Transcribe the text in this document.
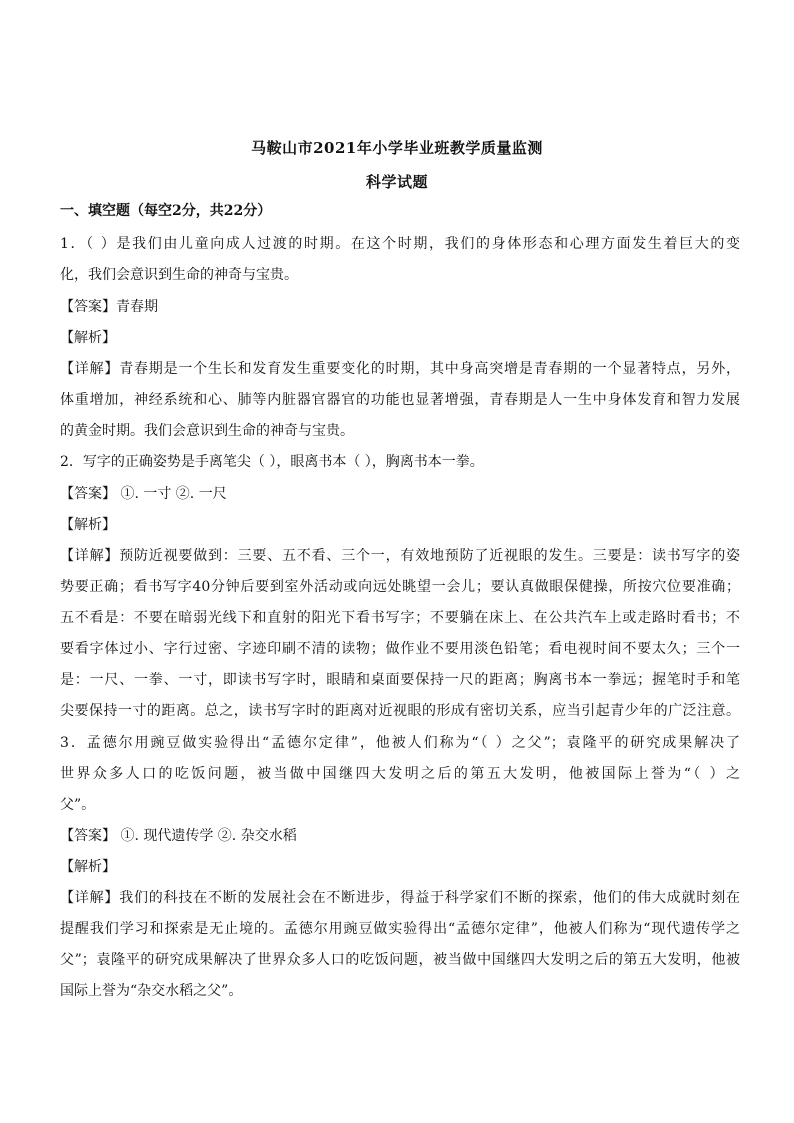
马鞍山市2021年小学毕业班教学质量监测
科学试题
一、填空题（每空2分，共22分）
1．（ ）是我们由儿童向成人过渡的时期。在这个时期，我们的身体形态和心理方面发生着巨大的变
化，我们会意识到生命的神奇与宝贵。
【答案】青春期
【解析】
【详解】青春期是一个生长和发育发生重要变化的时期，其中身高突增是青春期的一个显著特点，另外，
体重增加，神经系统和心、肺等内脏器官器官的功能也显著增强，青春期是人一生中身体发育和智力发展
的黄金时期。我们会意识到生命的神奇与宝贵。
2．写字的正确姿势是手离笔尖（ ），眼离书本（ ），胸离书本一拳。
【答案】 ①. 一寸 ②. 一尺
【解析】
【详解】预防近视要做到：三要、五不看、三个一，有效地预防了近视眼的发生。三要是：读书写字的姿
势要正确；看书写字40分钟后要到室外活动或向远处眺望一会儿；要认真做眼保健操，所按穴位要准确；
五不看是：不要在暗弱光线下和直射的阳光下看书写字；不要躺在床上、在公共汽车上或走路时看书；不
要看字体过小、字行过密、字迹印刷不清的读物；做作业不要用淡色铅笔；看电视时间不要太久；三个一
是：一尺、一拳、一寸，即读书写字时，眼睛和桌面要保持一尺的距离；胸离书本一拳远；握笔时手和笔
尖要保持一寸的距离。总之，读书写字时的距离对近视眼的形成有密切关系，应当引起青少年的广泛注意。
3．孟德尔用豌豆做实验得出“孟德尔定律”，他被人们称为“（ ）之父”；袁隆平的研究成果解决了
世界众多人口的吃饭问题，被当做中国继四大发明之后的第五大发明，他被国际上誉为“（ ）之
父”。
【答案】 ①. 现代遗传学 ②. 杂交水稻
【解析】
【详解】我们的科技在不断的发展社会在不断进步，得益于科学家们不断的探索，他们的伟大成就时刻在
提醒我们学习和探索是无止境的。孟德尔用豌豆做实验得出“孟德尔定律”，他被人们称为“现代遗传学之
父”；袁隆平的研究成果解决了世界众多人口的吃饭问题，被当做中国继四大发明之后的第五大发明，他被
国际上誉为“杂交水稻之父”。
